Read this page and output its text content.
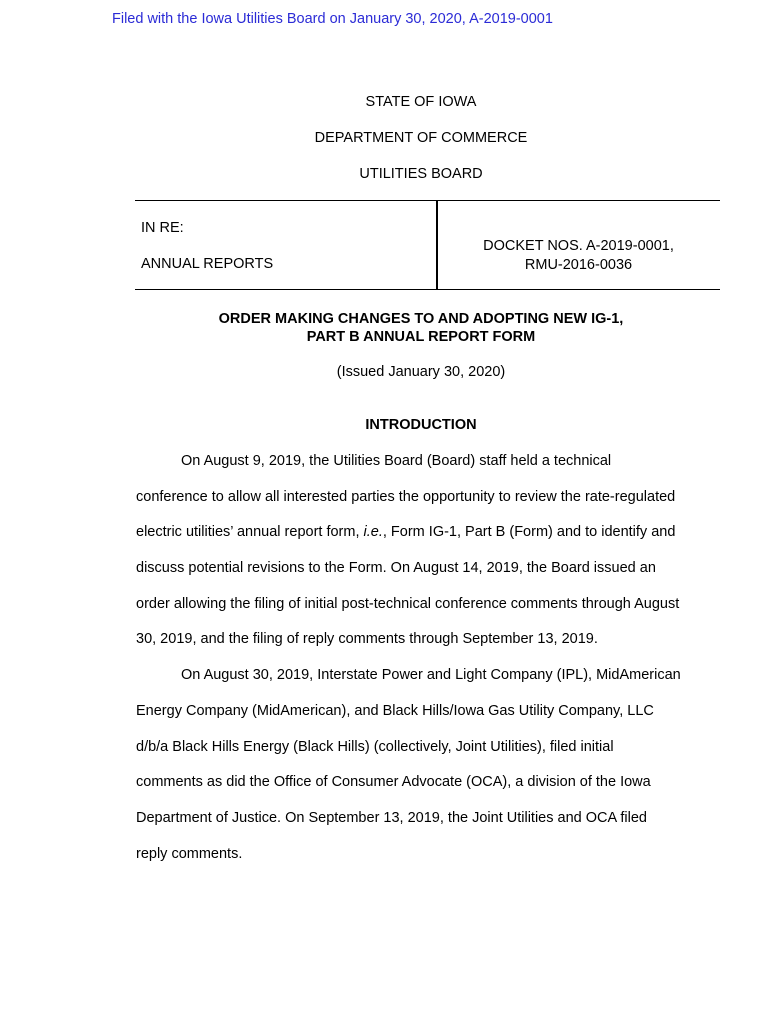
Filed with the Iowa Utilities Board on January 30, 2020, A-2019-0001
STATE OF IOWA
DEPARTMENT OF COMMERCE
UTILITIES BOARD
IN RE:
ANNUAL REPORTS
DOCKET NOS. A-2019-0001,
RMU-2016-0036
ORDER MAKING CHANGES TO AND ADOPTING NEW IG-1,
PART B ANNUAL REPORT FORM
(Issued January 30, 2020)
INTRODUCTION
On August 9, 2019, the Utilities Board (Board) staff held a technical
conference to allow all interested parties the opportunity to review the rate-regulated
electric utilities’ annual report form, i.e., Form IG-1, Part B (Form) and to identify and
discuss potential revisions to the Form. On August 14, 2019, the Board issued an
order allowing the filing of initial post-technical conference comments through August
30, 2019, and the filing of reply comments through September 13, 2019.
On August 30, 2019, Interstate Power and Light Company (IPL), MidAmerican
Energy Company (MidAmerican), and Black Hills/Iowa Gas Utility Company, LLC
d/b/a Black Hills Energy (Black Hills) (collectively, Joint Utilities), filed initial
comments as did the Office of Consumer Advocate (OCA), a division of the Iowa
Department of Justice. On September 13, 2019, the Joint Utilities and OCA filed
reply comments.
